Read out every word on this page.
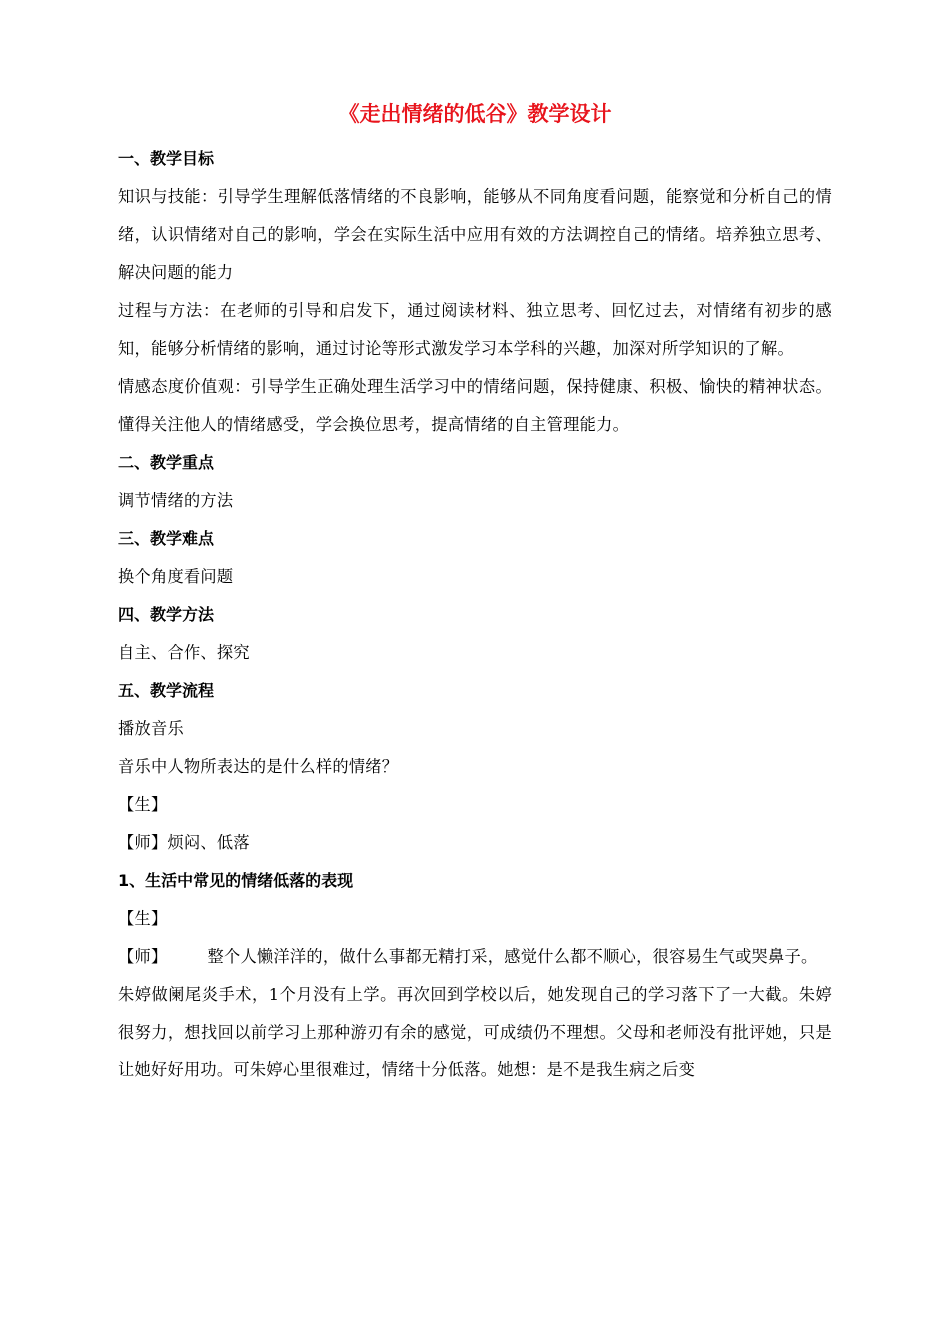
《走出情绪的低谷》教学设计

一、教学目标

知识与技能：引导学生理解低落情绪的不良影响，能够从不同角度看问题，能察觉和分析自己的情绪，认识情绪对自己的影响，学会在实际生活中应用有效的方法调控自己的情绪。培养独立思考、解决问题的能力

过程与方法：在老师的引导和启发下，通过阅读材料、独立思考、回忆过去，对情绪有初步的感知，能够分析情绪的影响，通过讨论等形式激发学习本学科的兴趣，加深对所学知识的了解。

情感态度价值观：引导学生正确处理生活学习中的情绪问题，保持健康、积极、愉快的精神状态。懂得关注他人的情绪感受，学会换位思考，提高情绪的自主管理能力。

二、教学重点

调节情绪的方法

三、教学难点

换个角度看问题

四、教学方法

自主、合作、探究

五、教学流程

播放音乐

音乐中人物所表达的是什么样的情绪？

【生】

【师】烦闷、低落

1、生活中常见的情绪低落的表现

【生】

【师】 整个人懒洋洋的，做什么事都无精打采，感觉什么都不顺心，很容易生气或哭鼻子。

朱婷做阑尾炎手术，1个月没有上学。再次回到学校以后，她发现自己的学习落下了一大截。朱婷很努力，想找回以前学习上那种游刃有余的感觉，可成绩仍不理想。父母和老师没有批评她，只是让她好好用功。可朱婷心里很难过，情绪十分低落。她想：是不是我生病之后变
